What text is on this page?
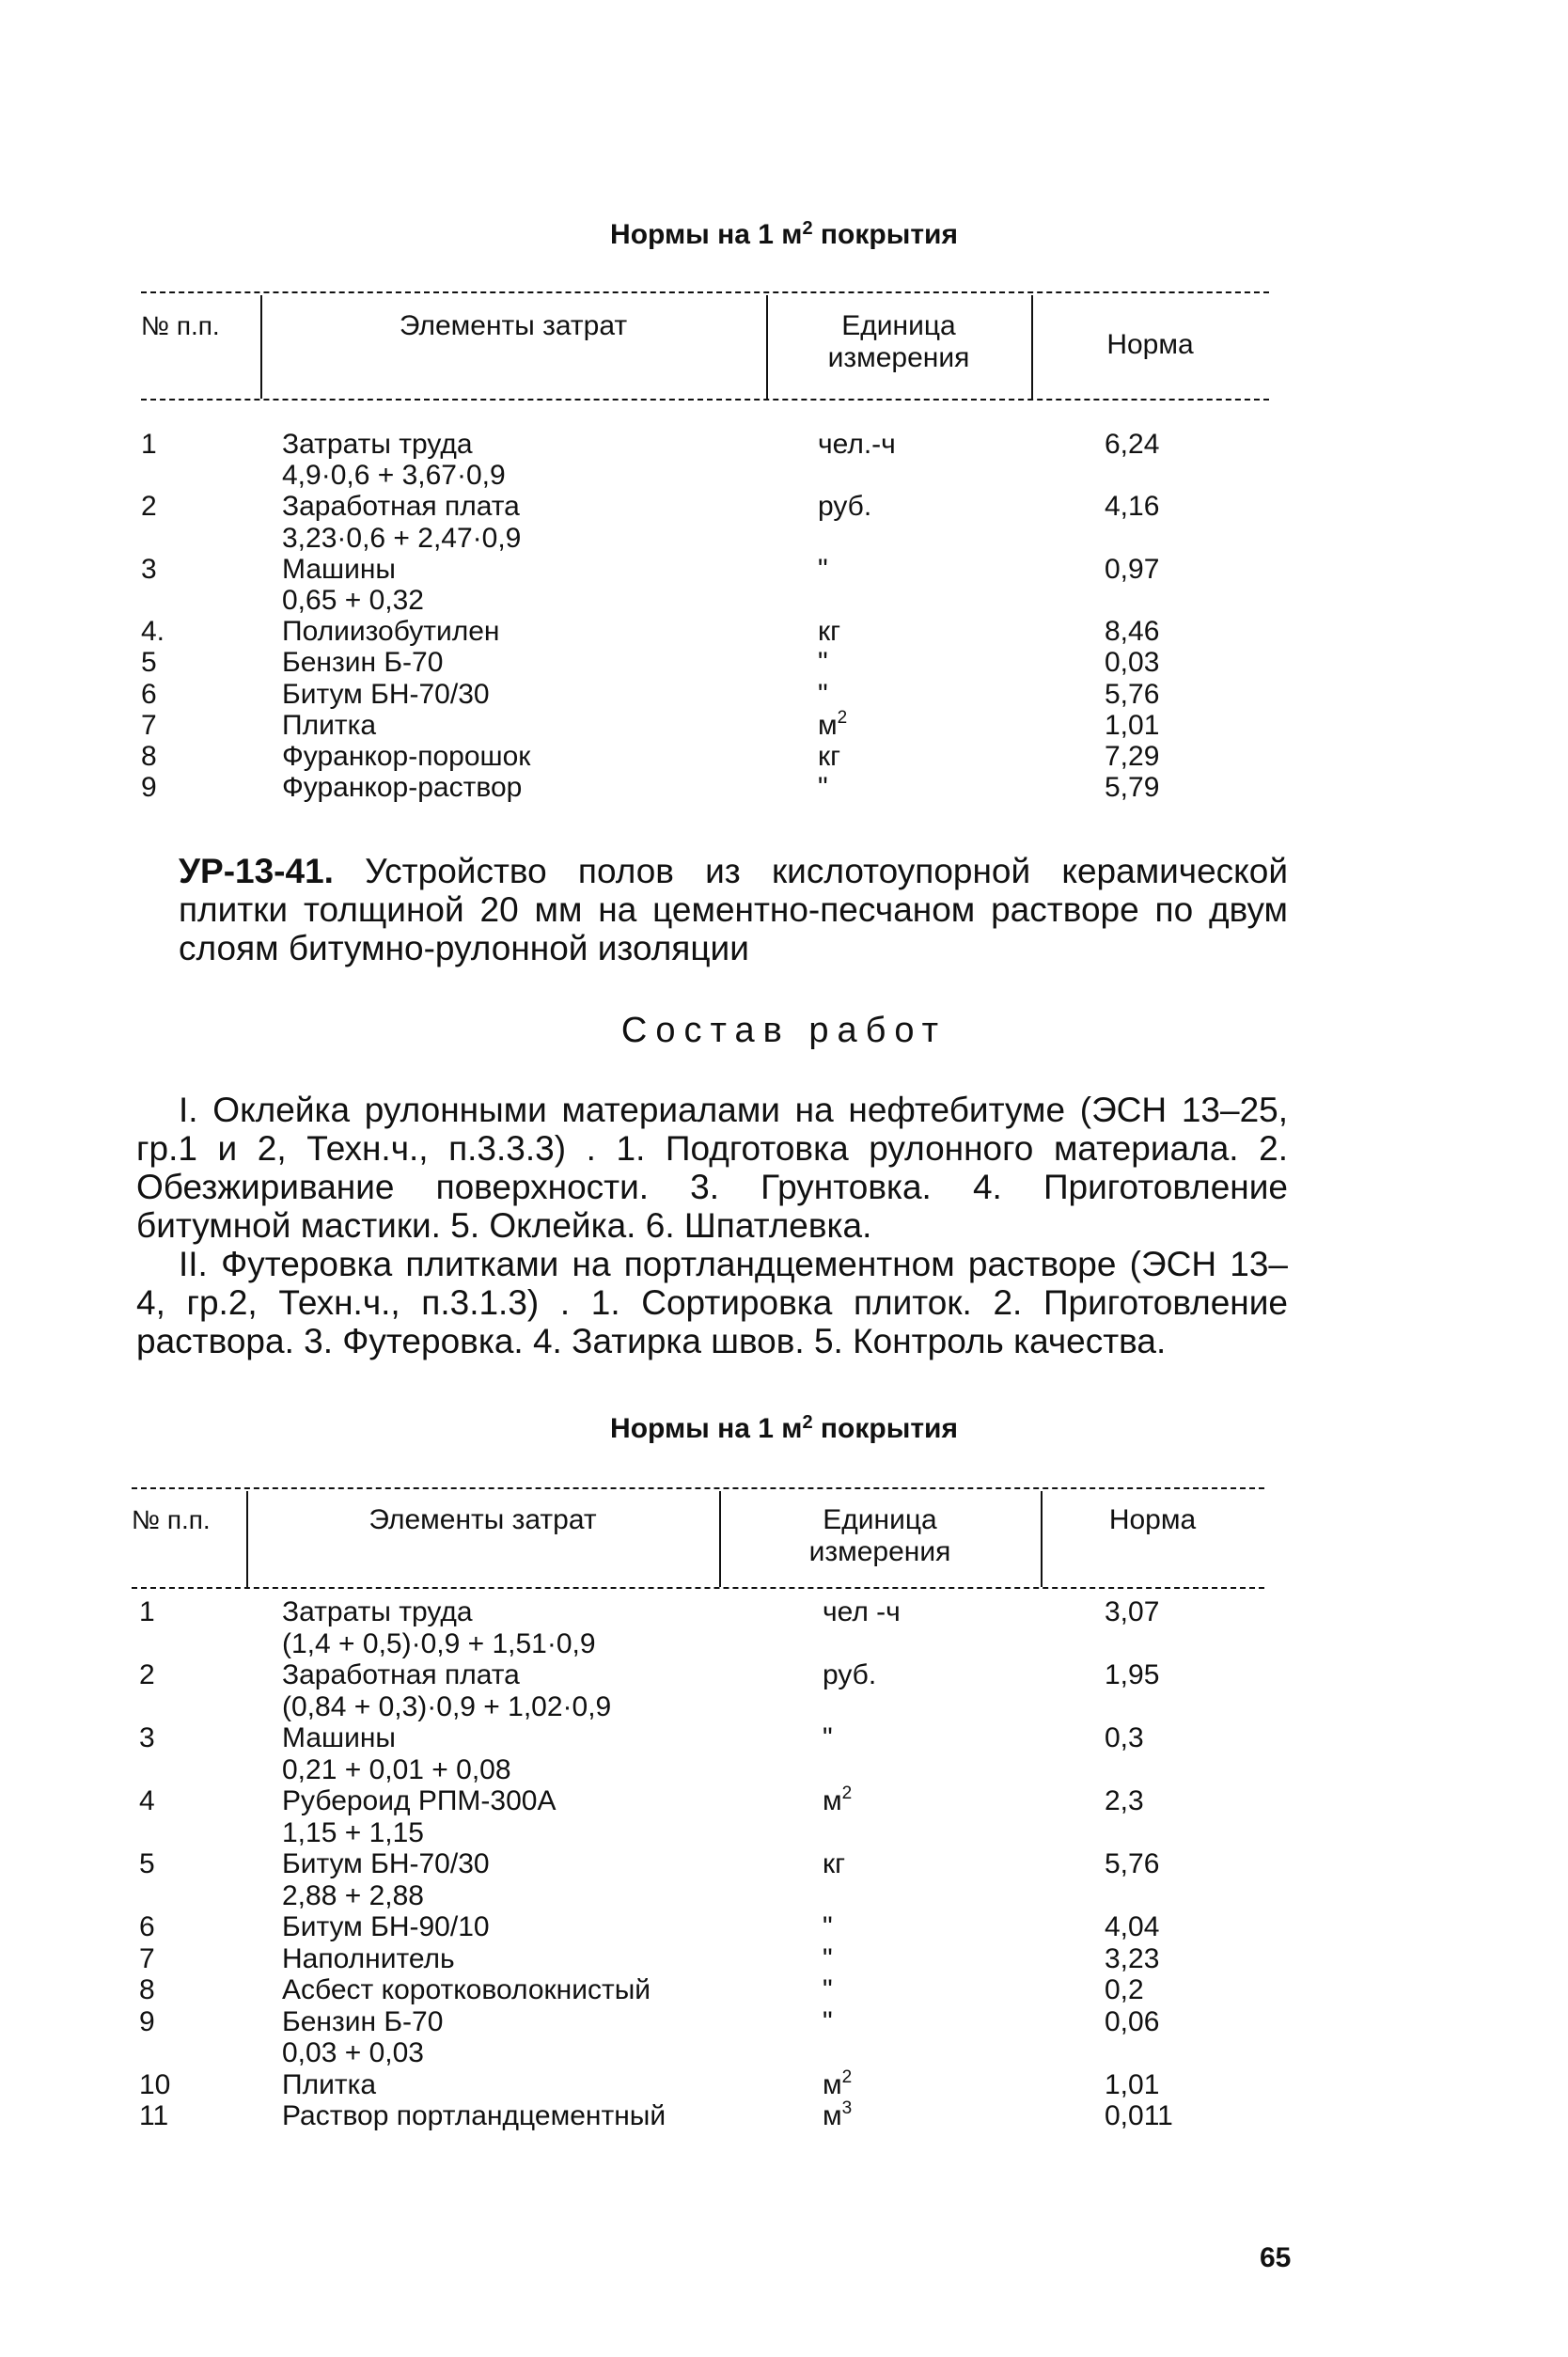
Нормы на 1 $м^2$ покрытия
№ п.п.	Элементы затрат	Единица
измерения	Норма
1	Затраты труда	чел.-ч	6,24
4,9·0,6 + 3,67·0,9
2	Заработная плата	руб.	4,16
3,23·0,6 + 2,47·0,9
3	Машины	"	0,97
0,65 + 0,32
4.	Полиизобутилен	кг	8,46
5	Бензин Б-70	"	0,03
6	Битум БН-70/30	"	5,76
7	Плитка	$м^2$	1,01
8	Фуранкор-порошок	кг	7,29
9	Фуранкор-раствор	"	5,79
УР-13-41. Устройство полов из кислотоупорной керамической плитки толщиной 20 мм на цементно-песчаном растворе по двум слоям битумно-рулонной изоляции
Состав работ
I. Оклейка рулонными материалами на нефтебитуме (ЭСН 13–25, гр.1 и 2, Техн.ч., п.3.3.3) . 1. Подготовка рулонного материала. 2. Обезжиривание поверхности. 3. Грунтовка. 4. Приготовление битумной мастики. 5. Оклейка. 6. Шпатлевка.
II. Футеровка плитками на портландцементном растворе (ЭСН 13–4, гр.2, Техн.ч., п.3.1.3) . 1. Сортировка плиток. 2. Приготовление раствора. 3. Футеровка. 4. Затирка швов. 5. Контроль качества.
Нормы на 1 $м^2$ покрытия
№ п.п.	Элементы затрат	Единица
измерения
Норма
1	Затраты труда	чел -ч	3,07
(1,4 + 0,5)·0,9 + 1,51·0,9
2	Заработная плата	руб.	1,95
(0,84 + 0,3)·0,9 + 1,02·0,9
3	Машины	"	0,3
0,21 + 0,01 + 0,08
4	Рубероид РПМ-300А	$м^2$	2,3
1,15 + 1,15
5	Битум БН-70/30	кг	5,76
2,88 + 2,88
6	Битум БН-90/10	"	4,04
7	Наполнитель	"	3,23
8	Асбест коротковолокнистый	"	0,2
9	Бензин Б-70	"	0,06
0,03 + 0,03
10	Плитка	$м^2$	1,01
11	Раствор портландцементный	$м^3$	0,011
65
